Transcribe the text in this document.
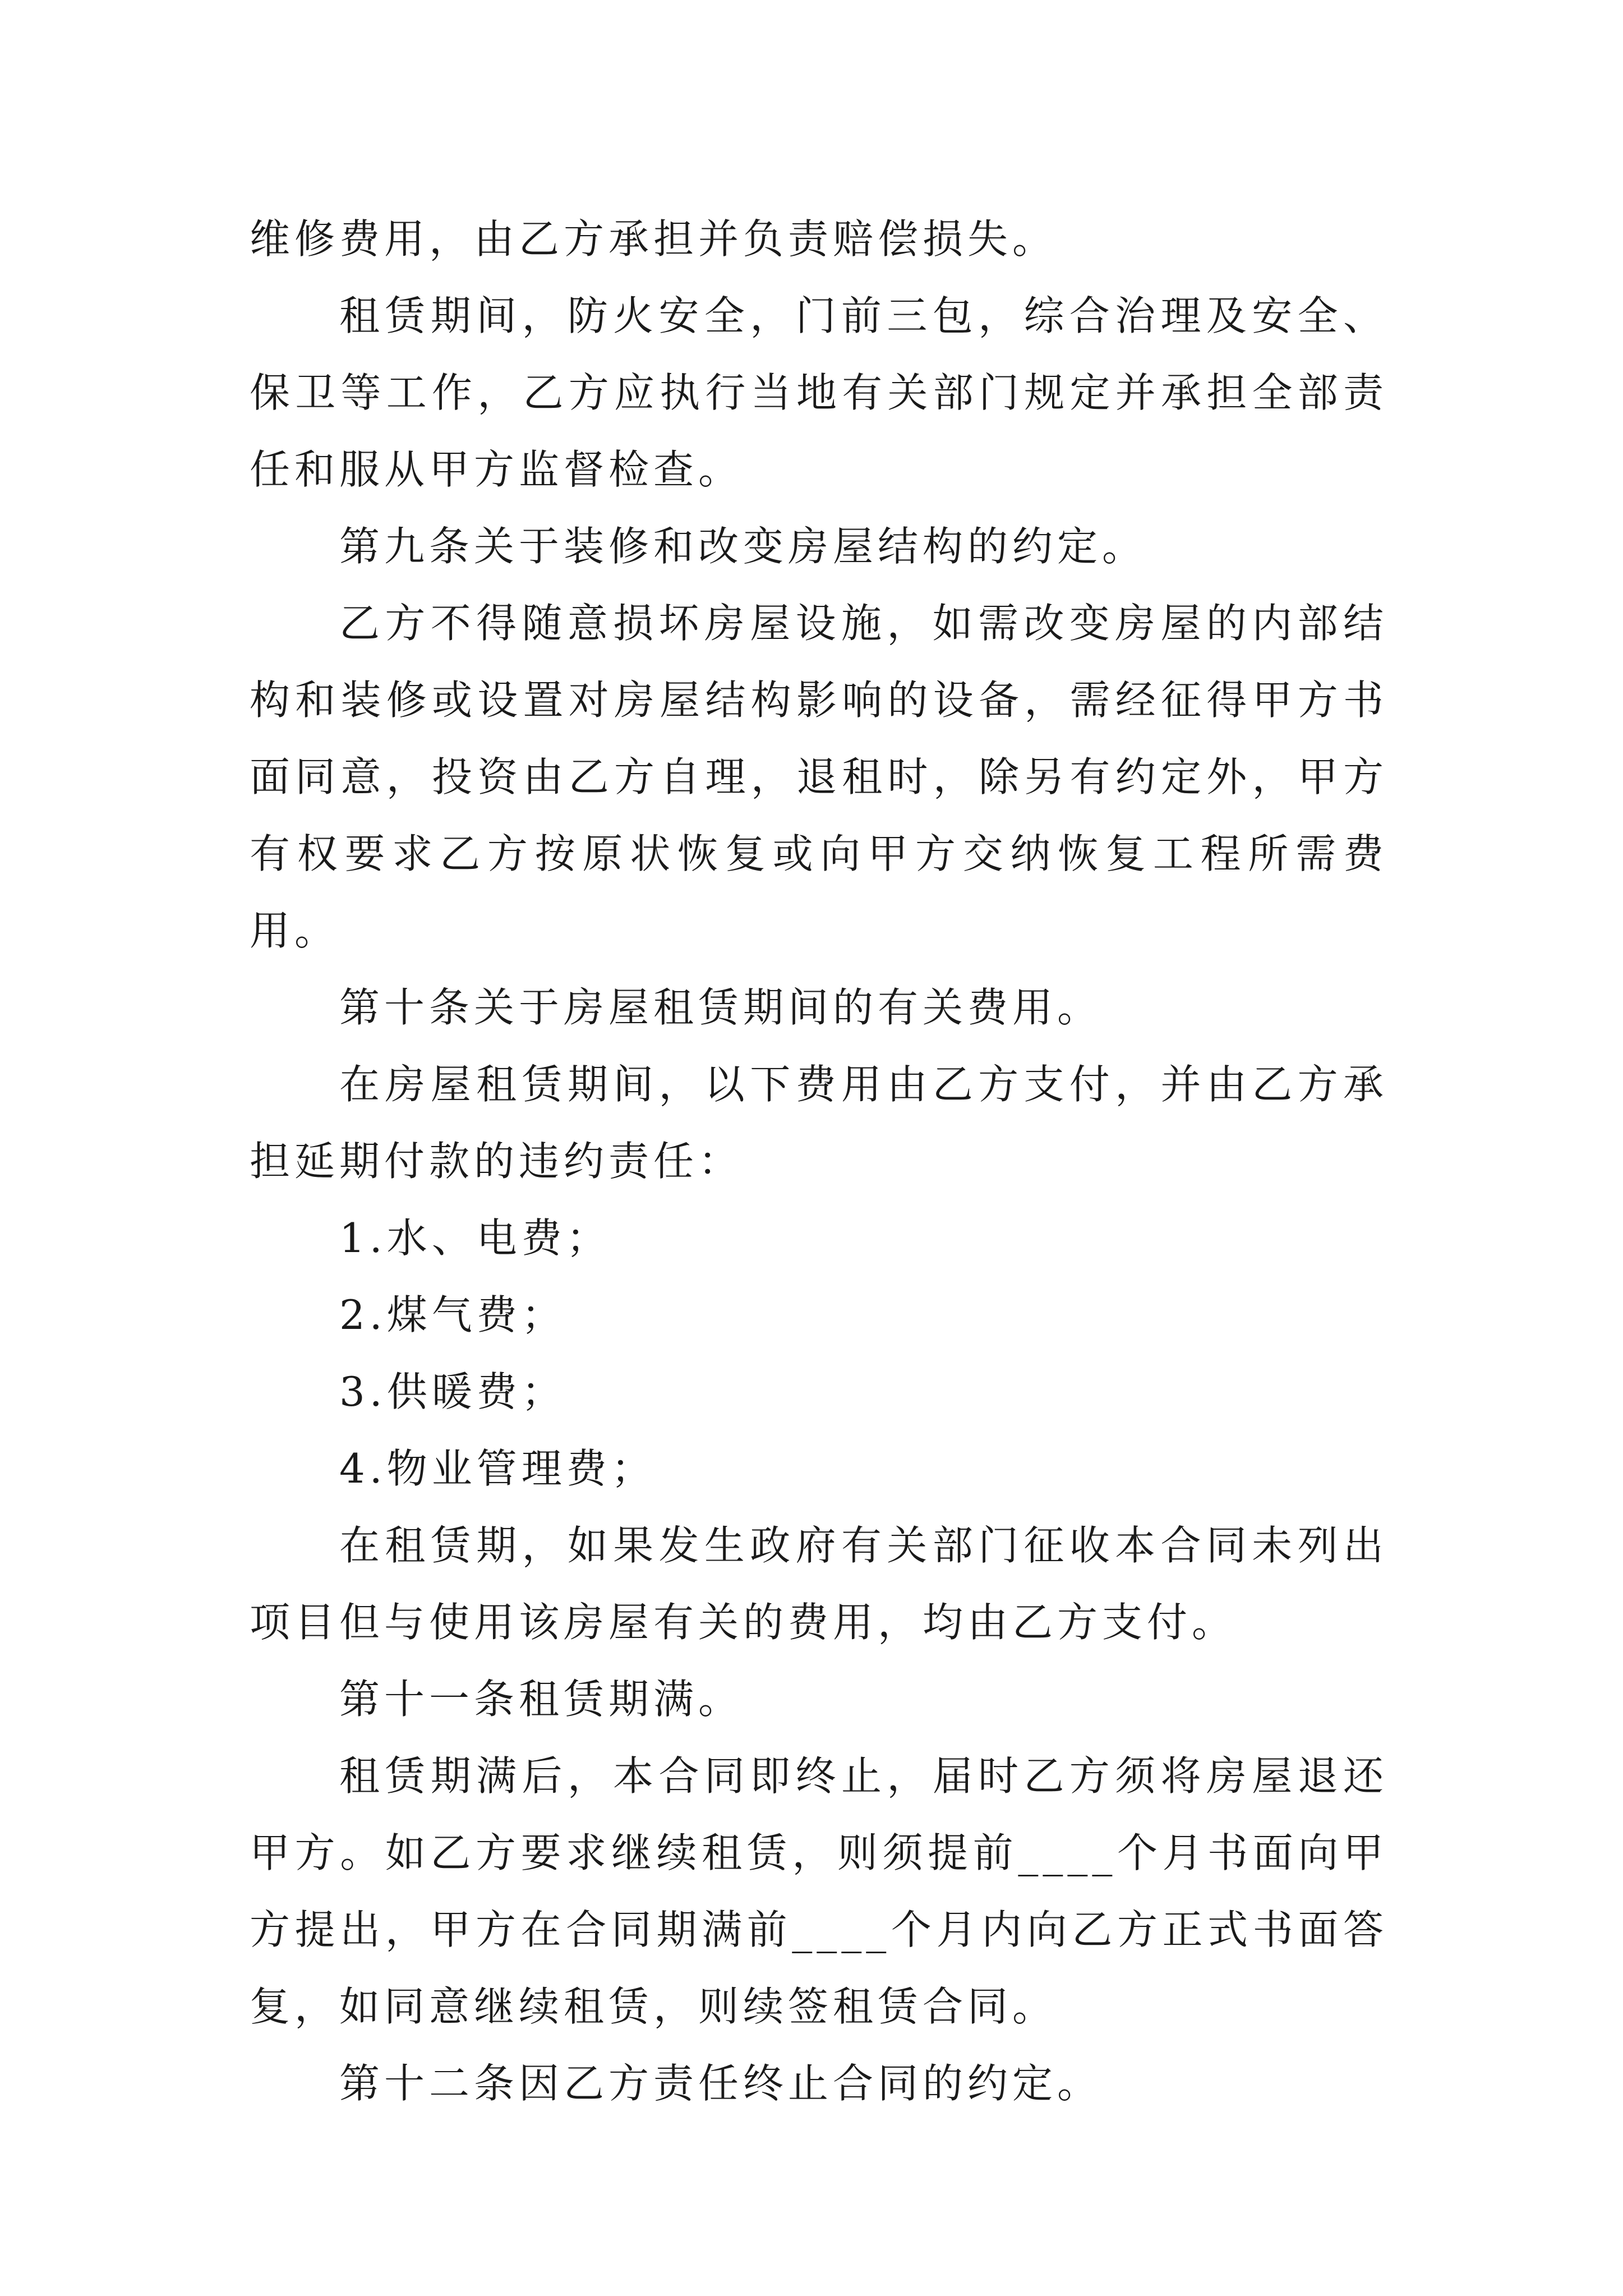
维修费用，由乙方承担并负责赔偿损失。

租赁期间，防火安全，门前三包，综合治理及安全、保卫等工作，乙方应执行当地有关部门规定并承担全部责任和服从甲方监督检查。

第九条关于装修和改变房屋结构的约定。

乙方不得随意损坏房屋设施，如需改变房屋的内部结构和装修或设置对房屋结构影响的设备，需经征得甲方书面同意，投资由乙方自理，退租时，除另有约定外，甲方有权要求乙方按原状恢复或向甲方交纳恢复工程所需费用。

第十条关于房屋租赁期间的有关费用。

在房屋租赁期间，以下费用由乙方支付，并由乙方承担延期付款的违约责任：

1.水、电费；

2.煤气费；

3.供暖费；

4.物业管理费；

在租赁期，如果发生政府有关部门征收本合同未列出项目但与使用该房屋有关的费用，均由乙方支付。

第十一条租赁期满。

租赁期满后，本合同即终止，届时乙方须将房屋退还甲方。如乙方要求继续租赁，则须提前____个月书面向甲方提出，甲方在合同期满前____个月内向乙方正式书面答复，如同意继续租赁，则续签租赁合同。

第十二条因乙方责任终止合同的约定。
